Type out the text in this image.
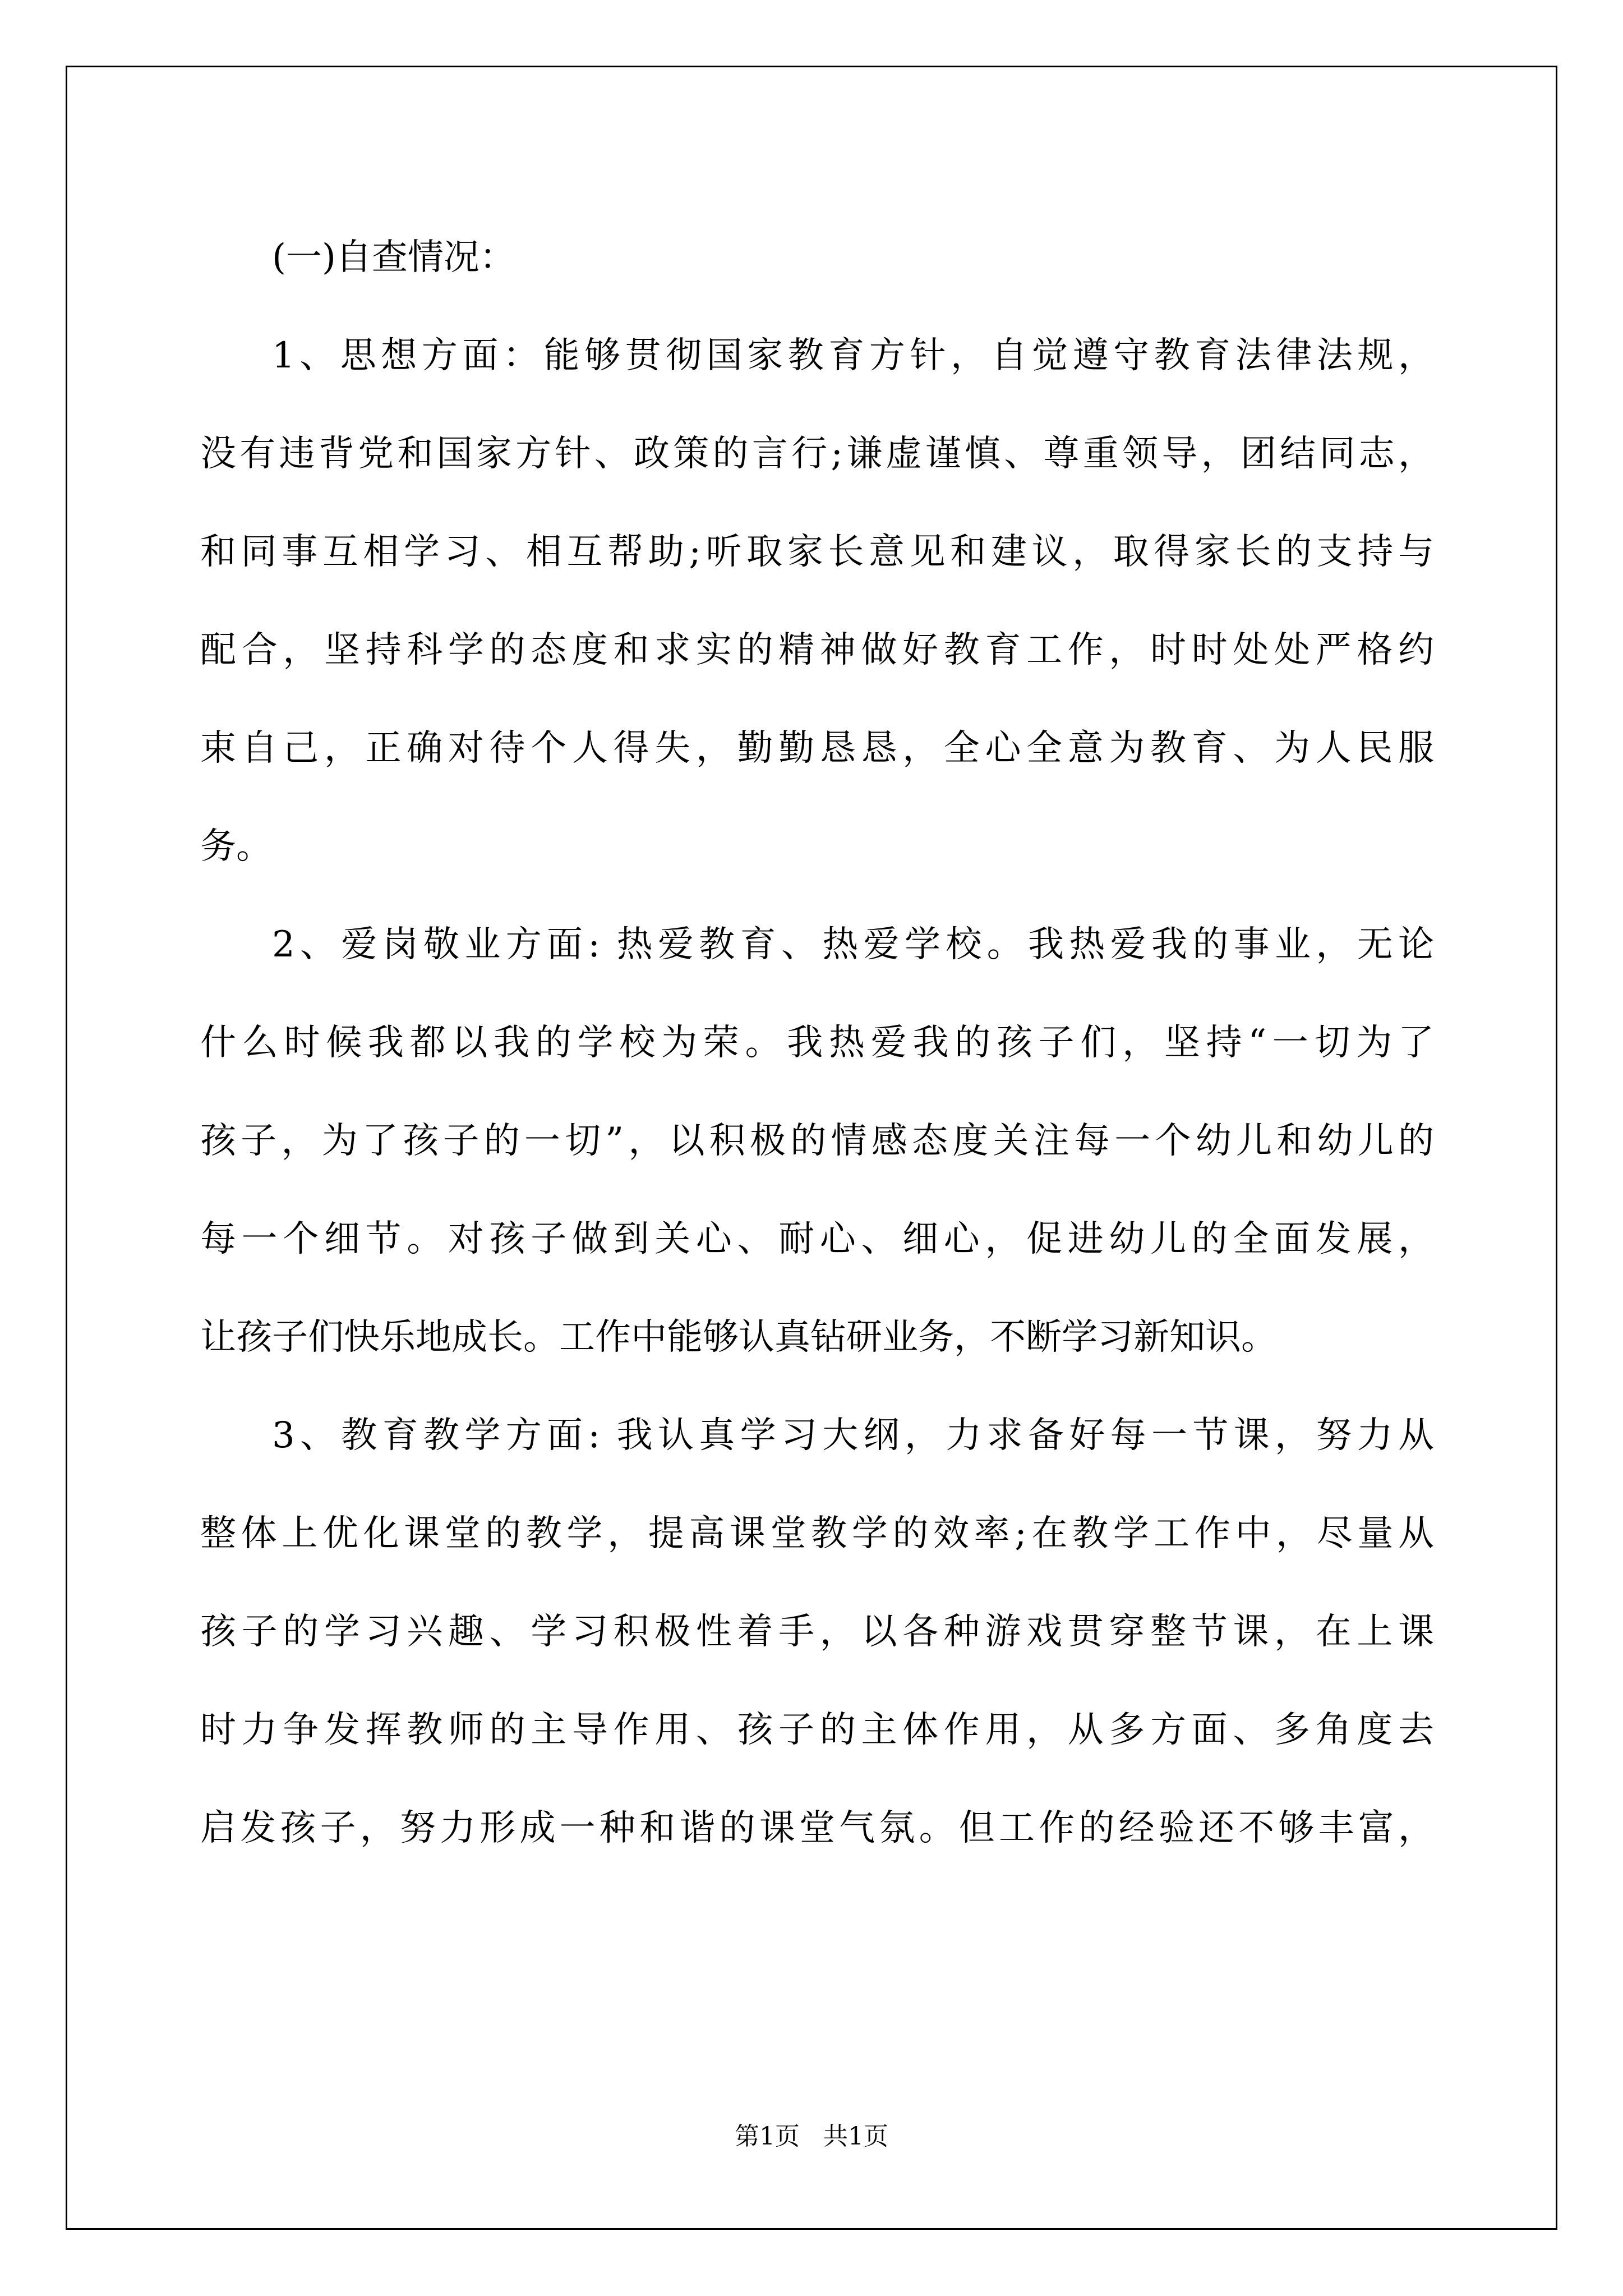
(一)自查情况：
1、思想方面：能够贯彻国家教育方针，自觉遵守教育法律法规，
没有违背党和国家方针、政策的言行;谦虚谨慎、尊重领导，团结同志，
和同事互相学习、相互帮助;听取家长意见和建议，取得家长的支持与
配合，坚持科学的态度和求实的精神做好教育工作，时时处处严格约
束自己，正确对待个人得失，勤勤恳恳，全心全意为教育、为人民服
务。
2、爱岗敬业方面: 热爱教育、热爱学校。我热爱我的事业，无论
什么时候我都以我的学校为荣。我热爱我的孩子们，坚持“一切为了
孩子，为了孩子的一切”，以积极的情感态度关注每一个幼儿和幼儿的
每一个细节。对孩子做到关心、耐心、细心，促进幼儿的全面发展，
让孩子们快乐地成长。工作中能够认真钻研业务，不断学习新知识。
3、教育教学方面: 我认真学习大纲，力求备好每一节课，努力从
整体上优化课堂的教学，提高课堂教学的效率;在教学工作中，尽量从
孩子的学习兴趣、学习积极性着手，以各种游戏贯穿整节课，在上课
时力争发挥教师的主导作用、孩子的主体作用，从多方面、多角度去
启发孩子，努力形成一种和谐的课堂气氛。但工作的经验还不够丰富，
第1页   共1页
